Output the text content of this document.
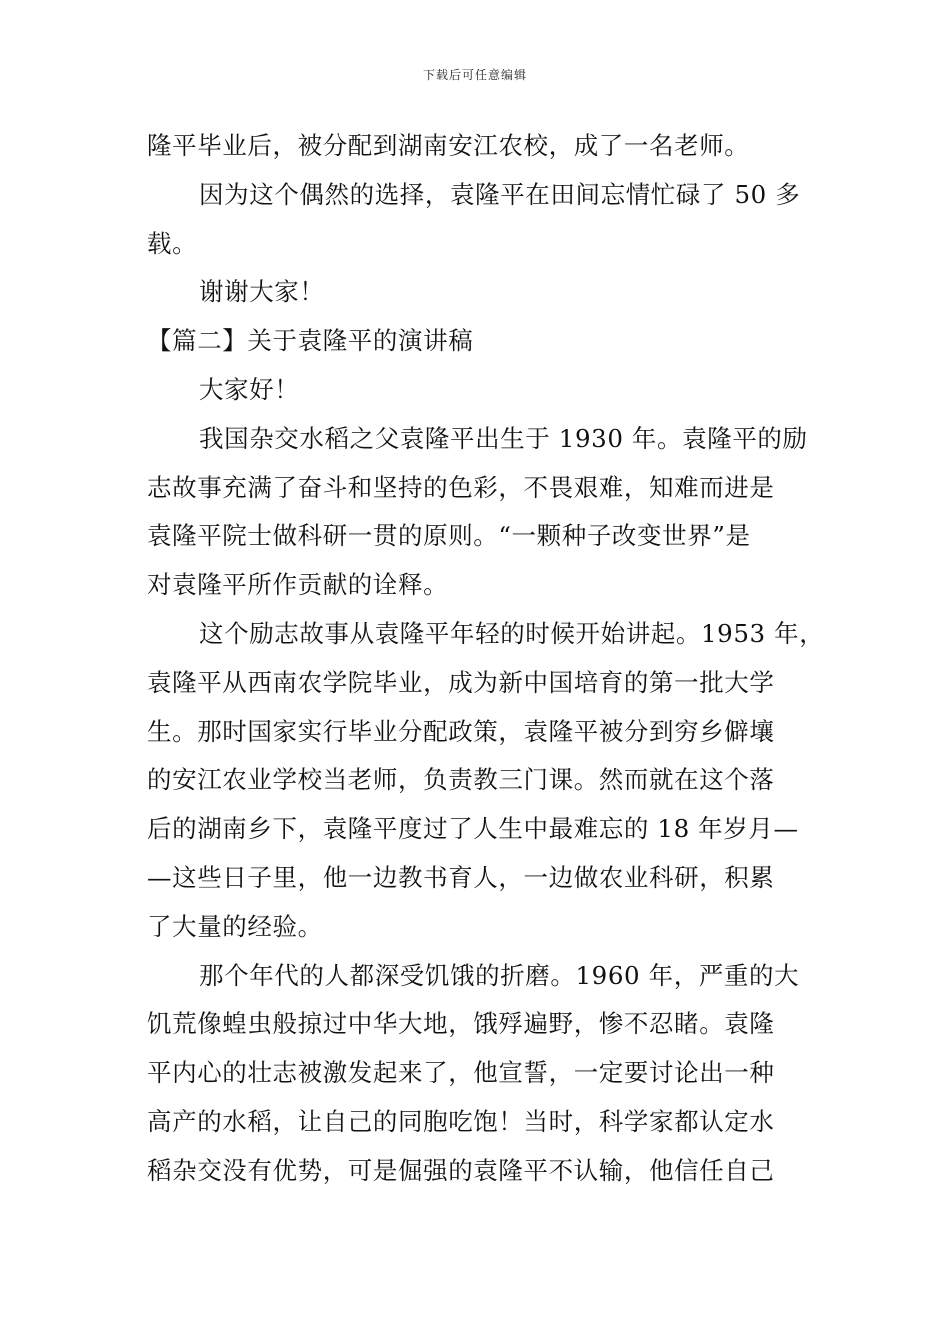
下载后可任意编辑
隆平毕业后，被分配到湖南安江农校，成了一名老师。
因为这个偶然的选择，袁隆平在田间忘情忙碌了 50 多
载。
谢谢大家！
【篇二】关于袁隆平的演讲稿
大家好！
我国杂交水稻之父袁隆平出生于 1930 年。袁隆平的励
志故事充满了奋斗和坚持的色彩，不畏艰难，知难而进是
袁隆平院士做科研一贯的原则。“一颗种子改变世界”是
对袁隆平所作贡献的诠释。
这个励志故事从袁隆平年轻的时候开始讲起。1953 年，
袁隆平从西南农学院毕业，成为新中国培育的第一批大学
生。那时国家实行毕业分配政策，袁隆平被分到穷乡僻壤
的安江农业学校当老师，负责教三门课。然而就在这个落
后的湖南乡下，袁隆平度过了人生中最难忘的 18 年岁月—
—这些日子里，他一边教书育人，一边做农业科研，积累
了大量的经验。
那个年代的人都深受饥饿的折磨。1960 年，严重的大
饥荒像蝗虫般掠过中华大地，饿殍遍野，惨不忍睹。袁隆
平内心的壮志被激发起来了，他宣誓，一定要讨论出一种
高产的水稻，让自己的同胞吃饱！当时，科学家都认定水
稻杂交没有优势，可是倔强的袁隆平不认输，他信任自己
